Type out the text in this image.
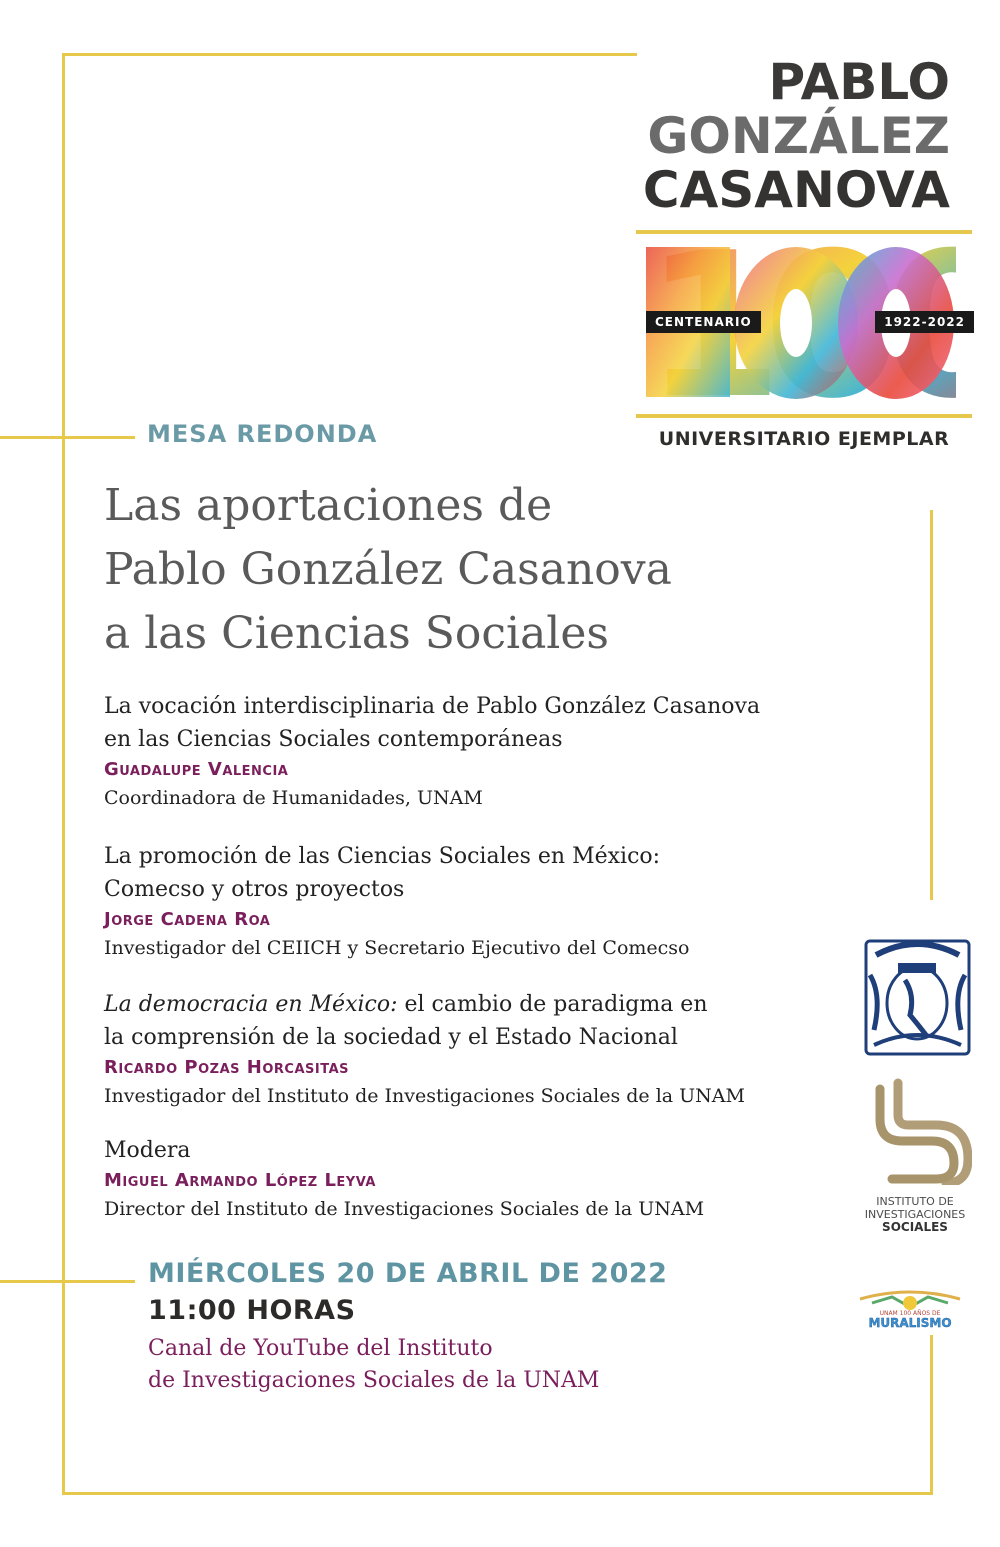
PABLO
GONZÁLEZ
CASANOVA
CENTENARIO	1922-2022
UNIVERSITARIO EJEMPLAR
MESA REDONDA
Las aportaciones de
Pablo González Casanova
a las Ciencias Sociales
La vocación interdisciplinaria de Pablo González Casanova
en las Ciencias Sociales contemporáneas
Guadalupe Valencia
Coordinadora de Humanidades, UNAM
La promoción de las Ciencias Sociales en México:
Comecso y otros proyectos
Jorge Cadena Roa
Investigador del CEIICH y Secretario Ejecutivo del Comecso
La democracia en México: el cambio de paradigma en
la comprensión de la sociedad y el Estado Nacional
Ricardo Pozas Horcasitas
Investigador del Instituto de Investigaciones Sociales de la UNAM
Modera
Miguel Armando López Leyva
Director del Instituto de Investigaciones Sociales de la UNAM
MIÉRCOLES 20 DE ABRIL DE 2022
11:00 HORAS
Canal de YouTube del Instituto
de Investigaciones Sociales de la UNAM
INSTITUTO DE
INVESTIGACIONES
SOCIALES
UNAM 100 AÑOS DE
MURALISMO
